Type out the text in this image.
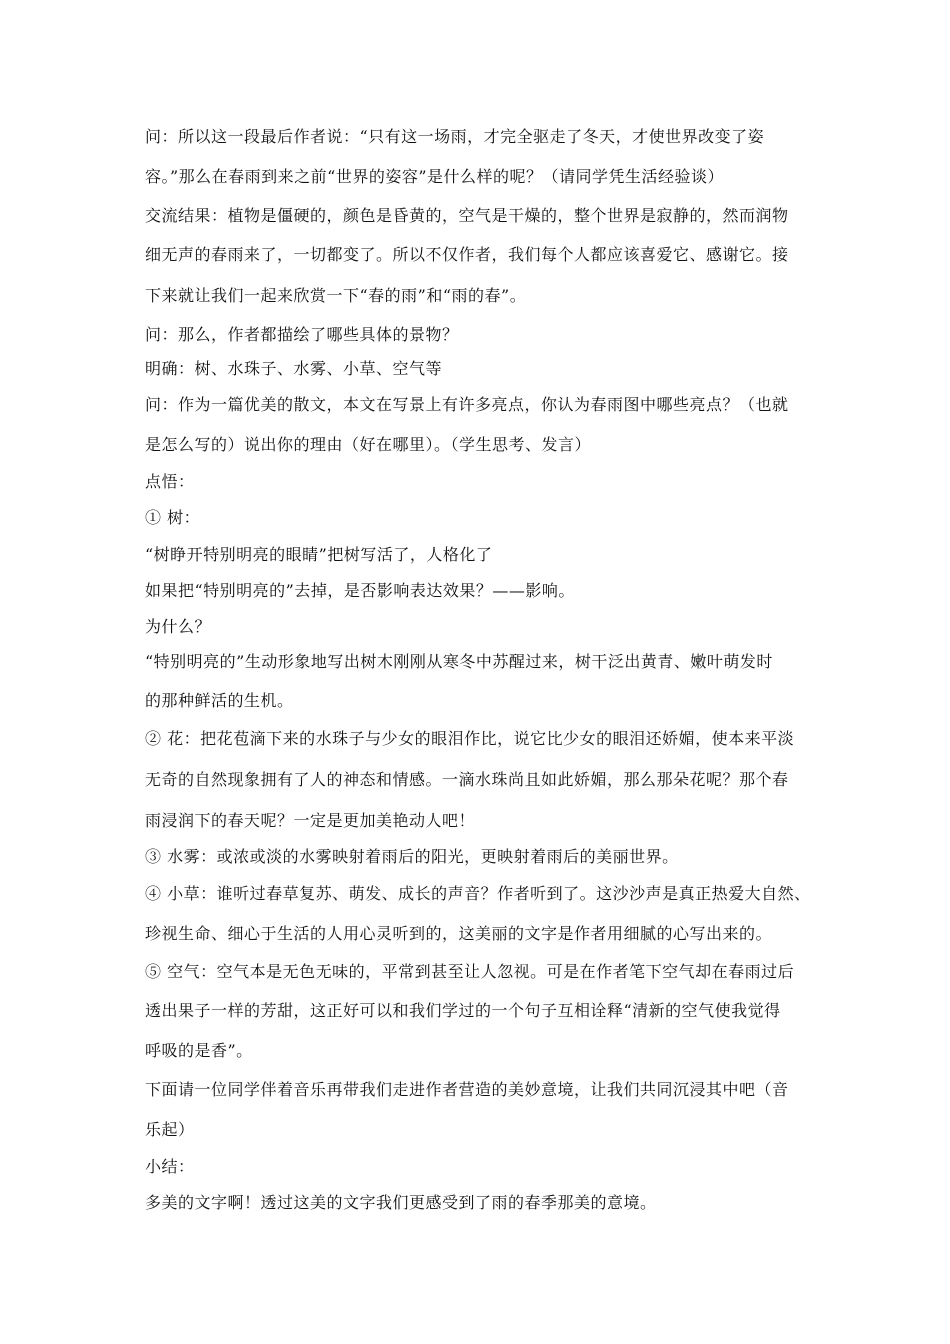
问：所以这一段最后作者说：“只有这一场雨，才完全驱走了冬天，才使世界改变了姿
容。”那么在春雨到来之前“世界的姿容”是什么样的呢？（请同学凭生活经验谈）
交流结果：植物是僵硬的，颜色是昏黄的，空气是干燥的，整个世界是寂静的，然而润物
细无声的春雨来了，一切都变了。所以不仅作者，我们每个人都应该喜爱它、感谢它。接
下来就让我们一起来欣赏一下“春的雨”和“雨的春”。
问：那么，作者都描绘了哪些具体的景物？
明确：树、水珠子、水雾、小草、空气等
问：作为一篇优美的散文，本文在写景上有许多亮点，你认为春雨图中哪些亮点？（也就
是怎么写的）说出你的理由（好在哪里）。（学生思考、发言）
点悟：
① 树：
“树睁开特别明亮的眼睛”把树写活了，人格化了
如果把“特别明亮的”去掉，是否影响表达效果？——影响。
为什么？
“特别明亮的”生动形象地写出树木刚刚从寒冬中苏醒过来，树干泛出黄青、嫩叶萌发时
的那种鲜活的生机。
② 花：把花苞滴下来的水珠子与少女的眼泪作比，说它比少女的眼泪还娇媚，使本来平淡
无奇的自然现象拥有了人的神态和情感。一滴水珠尚且如此娇媚，那么那朵花呢？那个春
雨浸润下的春天呢？一定是更加美艳动人吧！
③ 水雾：或浓或淡的水雾映射着雨后的阳光，更映射着雨后的美丽世界。
④ 小草：谁听过春草复苏、萌发、成长的声音？作者听到了。这沙沙声是真正热爱大自然、
珍视生命、细心于生活的人用心灵听到的，这美丽的文字是作者用细腻的心写出来的。
⑤ 空气：空气本是无色无味的，平常到甚至让人忽视。可是在作者笔下空气却在春雨过后
透出果子一样的芳甜，这正好可以和我们学过的一个句子互相诠释“清新的空气使我觉得
呼吸的是香”。
下面请一位同学伴着音乐再带我们走进作者营造的美妙意境，让我们共同沉浸其中吧（音
乐起）
小结：
多美的文字啊！透过这美的文字我们更感受到了雨的春季那美的意境。
